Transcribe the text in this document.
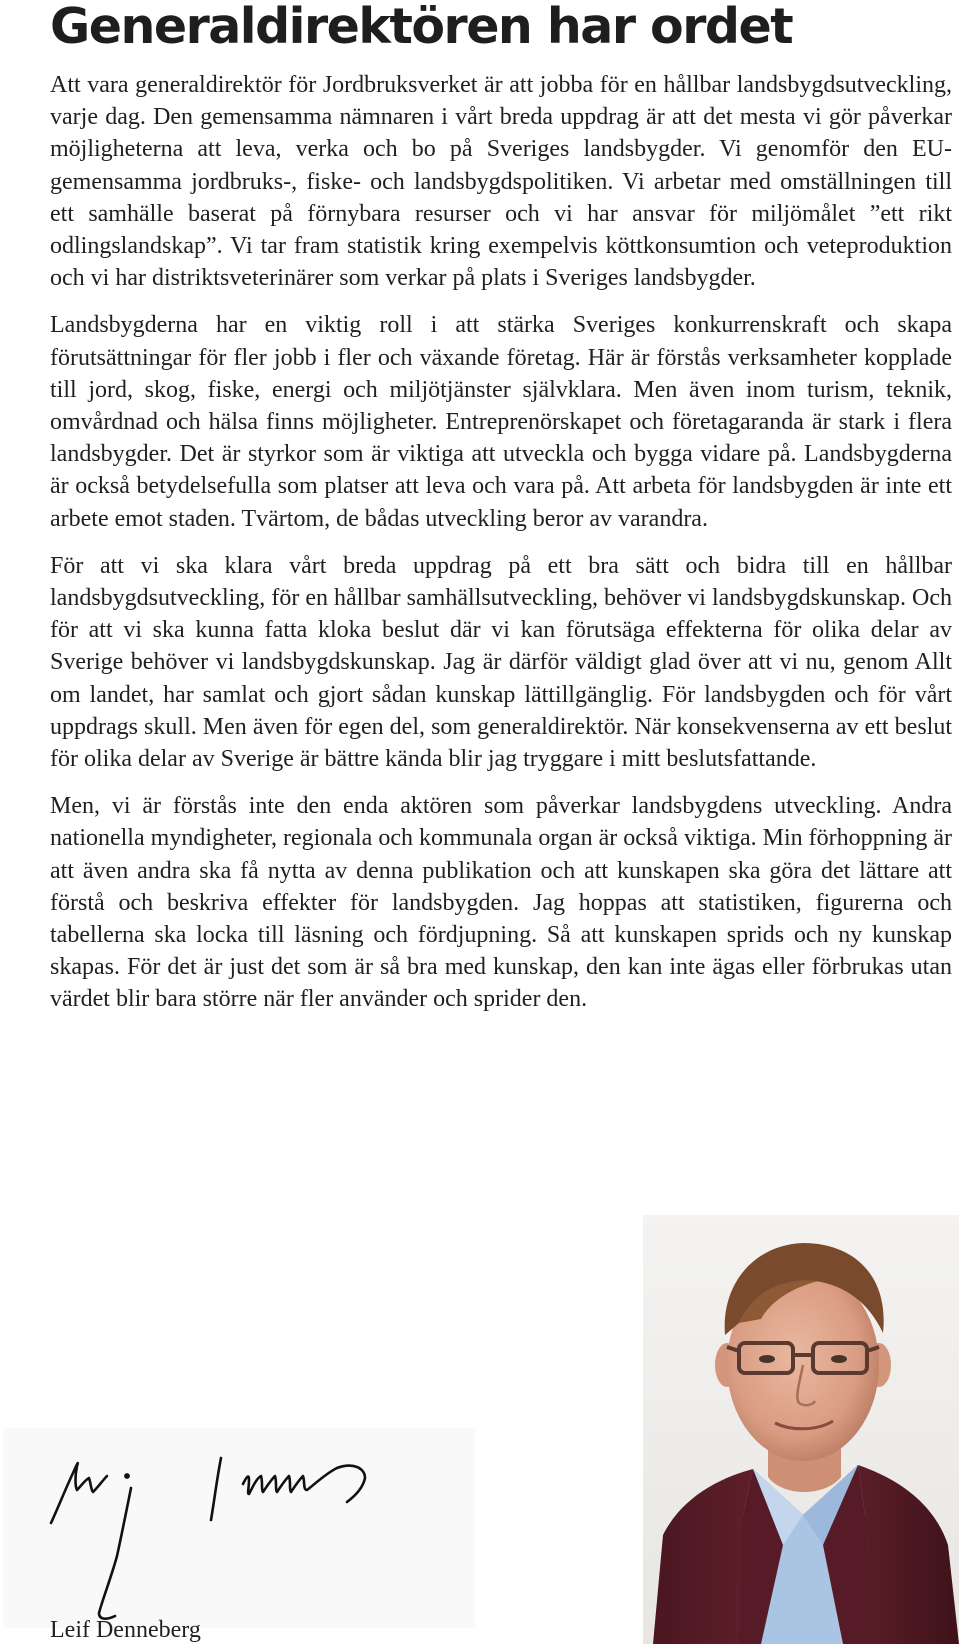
Generaldirektören har ordet

Att vara generaldirektör för Jordbruksverket är att jobba för en hållbar landsbygdsutveckling, varje dag. Den gemensamma nämnaren i vårt breda uppdrag är att det mesta vi gör påverkar möjligheterna att leva, verka och bo på Sveriges landsbygder. Vi genomför den EU-gemensamma jordbruks-, fiske- och landsbygdspolitiken. Vi arbetar med omställningen till ett samhälle baserat på förnybara resurser och vi har ansvar för miljömålet ”ett rikt odlingslandskap”. Vi tar fram statistik kring exempelvis köttkonsumtion och veteproduktion och vi har distriktsveterinärer som verkar på plats i Sveriges landsbygder.

Landsbygderna har en viktig roll i att stärka Sveriges konkurrenskraft och skapa förutsättningar för fler jobb i fler och växande företag. Här är förstås verksamheter kopplade till jord, skog, fiske, energi och miljötjänster självklara. Men även inom turism, teknik, omvårdnad och hälsa finns möjligheter. Entreprenörskapet och företagaranda är stark i flera landsbygder. Det är styrkor som är viktiga att utveckla och bygga vidare på. Landsbygderna är också betydelsefulla som platser att leva och vara på. Att arbeta för landsbygden är inte ett arbete emot staden. Tvärtom, de bådas utveckling beror av varandra.

För att vi ska klara vårt breda uppdrag på ett bra sätt och bidra till en hållbar landsbygdsutveckling, för en hållbar samhällsutveckling, behöver vi landsbygdskunskap. Och för att vi ska kunna fatta kloka beslut där vi kan förutsäga effekterna för olika delar av Sverige behöver vi landsbygdskunskap. Jag är därför väldigt glad över att vi nu, genom Allt om landet, har samlat och gjort sådan kunskap lättillgänglig. För landsbygden och för vårt uppdrags skull. Men även för egen del, som generaldirektör. När konsekvenserna av ett beslut för olika delar av Sverige är bättre kända blir jag tryggare i mitt beslutsfattande.

Men, vi är förstås inte den enda aktören som påverkar landsbygdens utveckling. Andra nationella myndigheter, regionala och kommunala organ är också viktiga. Min förhoppning är att även andra ska få nytta av denna publikation och att kunskapen ska göra det lättare att förstå och beskriva effekter för landsbygden. Jag hoppas att statistiken, figurerna och tabellerna ska locka till läsning och fördjupning. Så att kunskapen sprids och ny kunskap skapas. För det är just det som är så bra med kunskap, den kan inte ägas eller förbrukas utan värdet blir bara större när fler använder och sprider den.

Leif Denneberg
